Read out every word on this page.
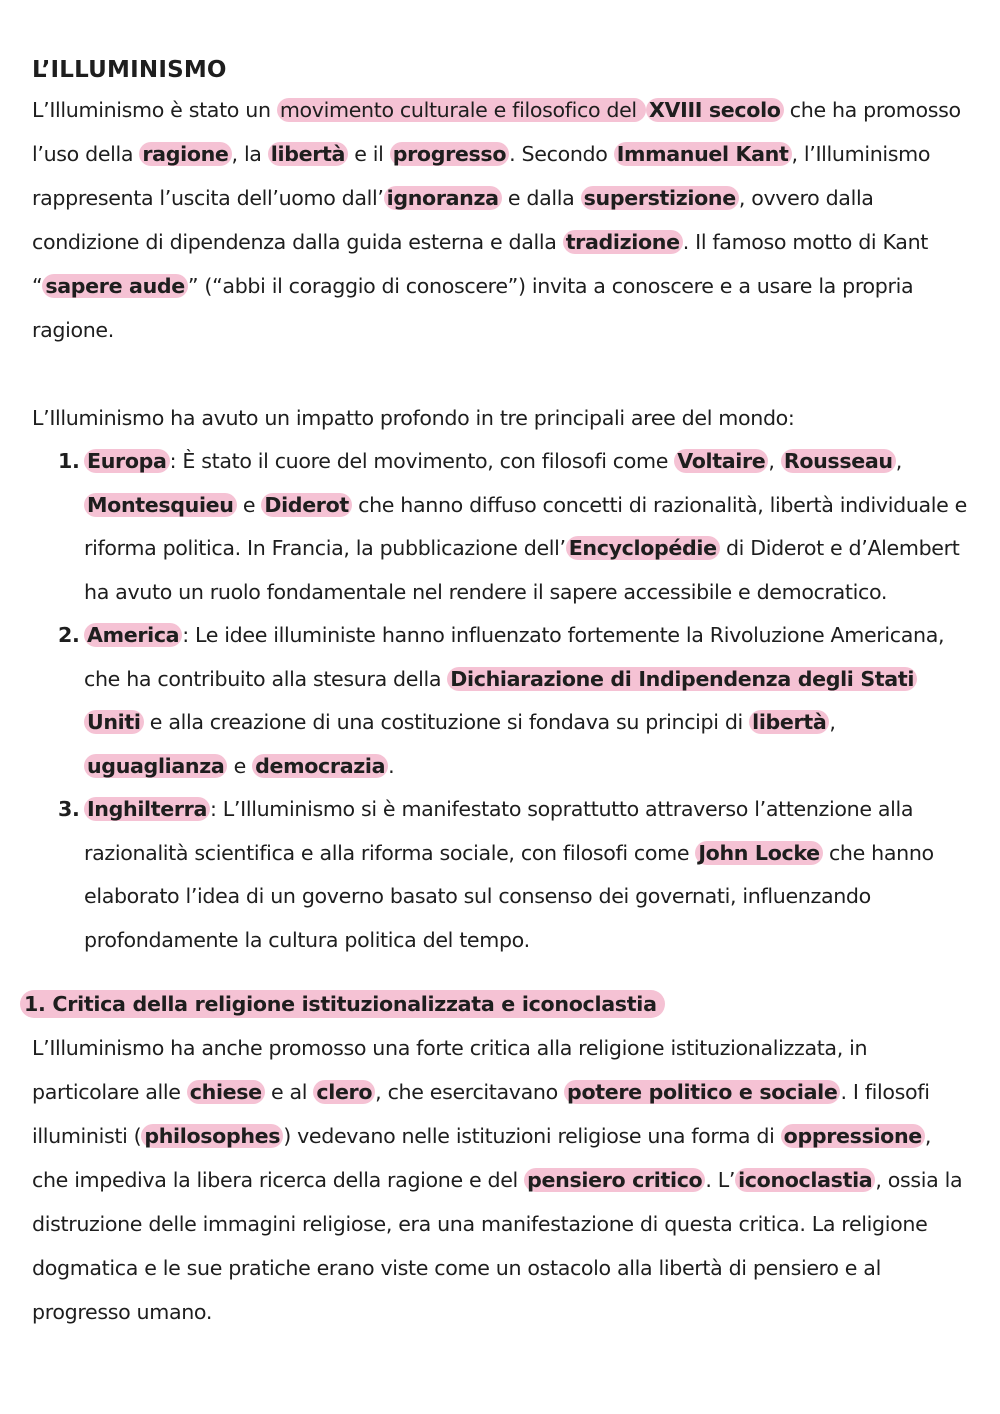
L’ILLUMINISMO

L’Illuminismo è stato un movimento culturale e filosofico del XVIII secolo che ha promosso l’uso della ragione , la libertà e il progresso . Secondo Immanuel Kant , l’Illuminismo rappresenta l’uscita dell’uomo dall’ ignoranza e dalla superstizione , ovvero dalla condizione di dipendenza dalla guida esterna e dalla tradizione . Il famoso motto di Kant “ sapere aude ” (“abbi il coraggio di conoscere”) invita a conoscere e a usare la propria ragione.

L’Illuminismo ha avuto un impatto profondo in tre principali aree del mondo:

1. Europa : È stato il cuore del movimento, con filosofi come Voltaire , Rousseau , Montesquieu e Diderot che hanno diffuso concetti di razionalità, libertà individuale e riforma politica. In Francia, la pubblicazione dell’ Encyclopédie di Diderot e d’Alembert ha avuto un ruolo fondamentale nel rendere il sapere accessibile e democratico.
2. America : Le idee illuministe hanno influenzato fortemente la Rivoluzione Americana, che ha contribuito alla stesura della Dichiarazione di Indipendenza degli Stati Uniti e alla creazione di una costituzione si fondava su principi di libertà , uguaglianza e democrazia .
3. Inghilterra : L’Illuminismo si è manifestato soprattutto attraverso l’attenzione alla razionalità scientifica e alla riforma sociale, con filosofi come John Locke che hanno elaborato l’idea di un governo basato sul consenso dei governati, influenzando profondamente la cultura politica del tempo.
1. Critica della religione istituzionalizzata e iconoclastia

L’Illuminismo ha anche promosso una forte critica alla religione istituzionalizzata, in particolare alle chiese e al clero , che esercitavano potere politico e sociale . I filosofi illuministi ( philosophes ) vedevano nelle istituzioni religiose una forma di oppressione , che impediva la libera ricerca della ragione e del pensiero critico . L’ iconoclastia , ossia la distruzione delle immagini religiose, era una manifestazione di questa critica. La religione dogmatica e le sue pratiche erano viste come un ostacolo alla libertà di pensiero e al progresso umano.
